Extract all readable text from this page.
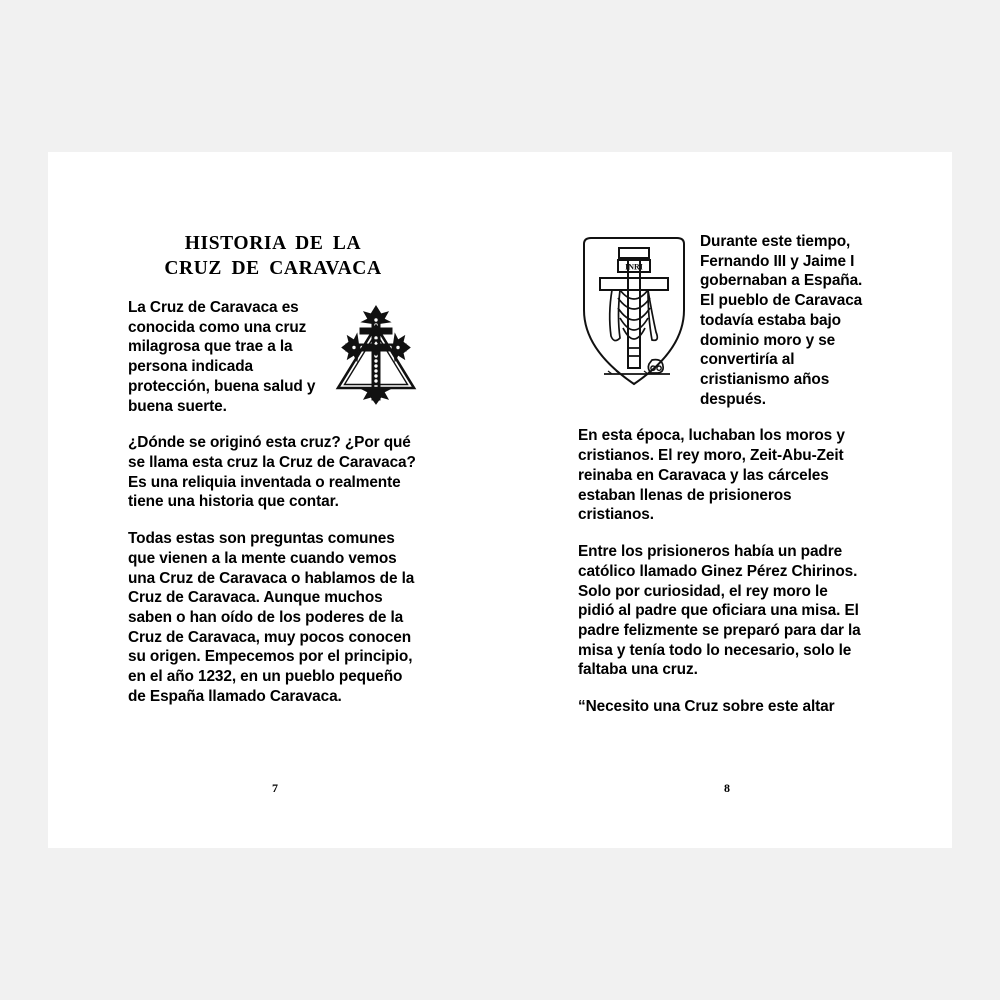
HISTORIA DE LA
CRUZ DE CARAVACA

La Cruz de Caravaca es conocida como una cruz milagrosa que trae a la persona indicada protección, buena salud y buena suerte.

¿Dónde se originó esta cruz? ¿Por qué se llama esta cruz la Cruz de Caravaca? Es una reliquia inventada o realmente tiene una historia que contar.

Todas estas son preguntas comunes que vienen a la mente cuando vemos una Cruz de Caravaca o hablamos de la Cruz de Caravaca. Aunque muchos saben o han oído de los poderes de la Cruz de Caravaca, muy pocos conocen su origen. Empecemos por el principio, en el año 1232, en un pueblo pequeño de España llamado Caravaca.

7
INRI

Durante este tiempo, Fernando III y Jaime I gobernaban a España. El pueblo de Caravaca todavía estaba bajo dominio moro y se convertiría al cristianismo años después.

En esta época, luchaban los moros y cristianos. El rey moro, Zeit-Abu-Zeit reinaba en Caravaca y las cárceles estaban llenas de prisioneros cristianos.

Entre los prisioneros había un padre católico llamado Ginez Pérez Chirinos. Solo por curiosidad, el rey moro le pidió al padre que oficiara una misa. El padre felizmente se preparó para dar la misa y tenía todo lo necesario, solo le faltaba una cruz.

“Necesito una Cruz sobre este altar

8
